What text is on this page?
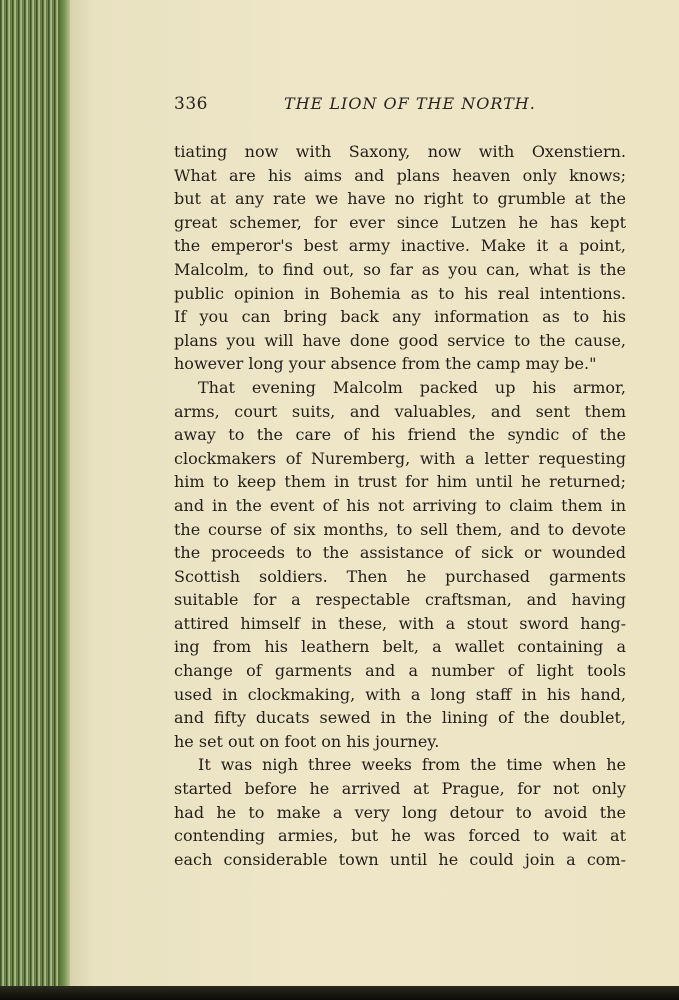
336	THE LION OF THE NORTH.
tiating now with Saxony, now with Oxenstiern.
What are his aims and plans heaven only knows;
but at any rate we have no right to grumble at the
great schemer, for ever since Lutzen he has kept
the emperor's best army inactive. Make it a point,
Malcolm, to find out, so far as you can, what is the
public opinion in Bohemia as to his real intentions.
If you can bring back any information as to his
plans you will have done good service to the cause,
however long your absence from the camp may be."
That evening Malcolm packed up his armor,
arms, court suits, and valuables, and sent them
away to the care of his friend the syndic of the
clockmakers of Nuremberg, with a letter requesting
him to keep them in trust for him until he returned;
and in the event of his not arriving to claim them in
the course of six months, to sell them, and to devote
the proceeds to the assistance of sick or wounded
Scottish soldiers. Then he purchased garments
suitable for a respectable craftsman, and having
attired himself in these, with a stout sword hang-
ing from his leathern belt, a wallet containing a
change of garments and a number of light tools
used in clockmaking, with a long staff in his hand,
and fifty ducats sewed in the lining of the doublet,
he set out on foot on his journey.
It was nigh three weeks from the time when he
started before he arrived at Prague, for not only
had he to make a very long detour to avoid the
contending armies, but he was forced to wait at
each considerable town until he could join a com-
